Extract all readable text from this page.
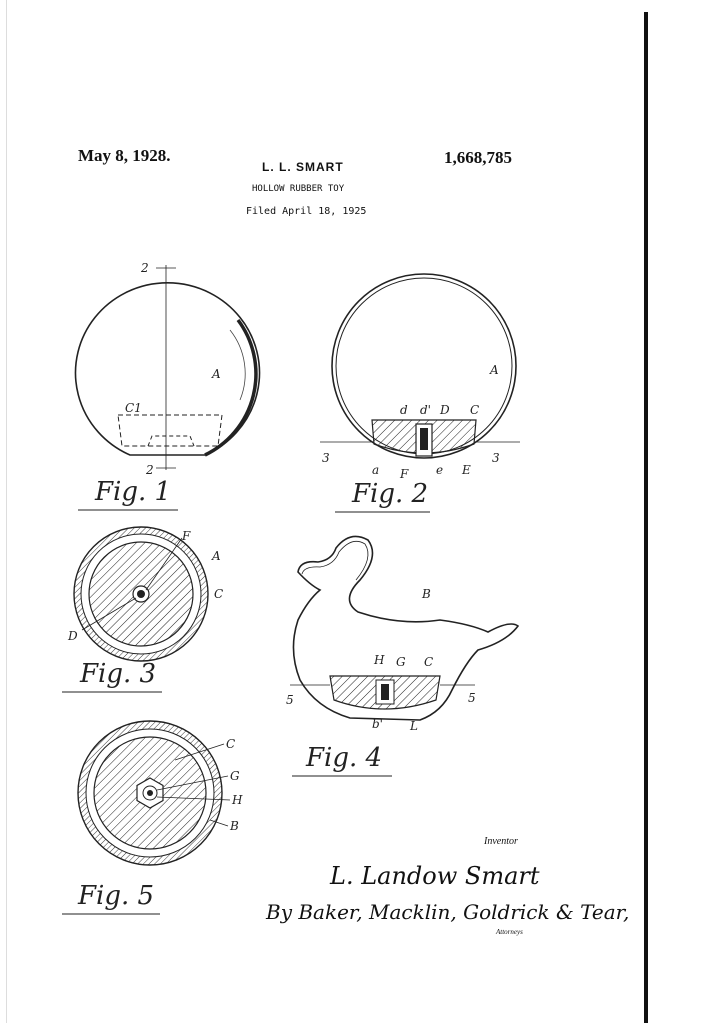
May 8, 1928.	1,668,785
L. L. SMART
HOLLOW RUBBER TOY
Filed April 18, 1925
A
C1
2
2
Fig. 1
A
C
d d' D
a F e E
3	3
Fig. 2
F
A
C
D
Fig. 3
B
H G C
b' L
5	5
Fig. 4
C
G
H
B
Fig. 5
Inventor
L. Landow Smart
By Baker, Macklin, Goldrick & Tear,
Attorneys
